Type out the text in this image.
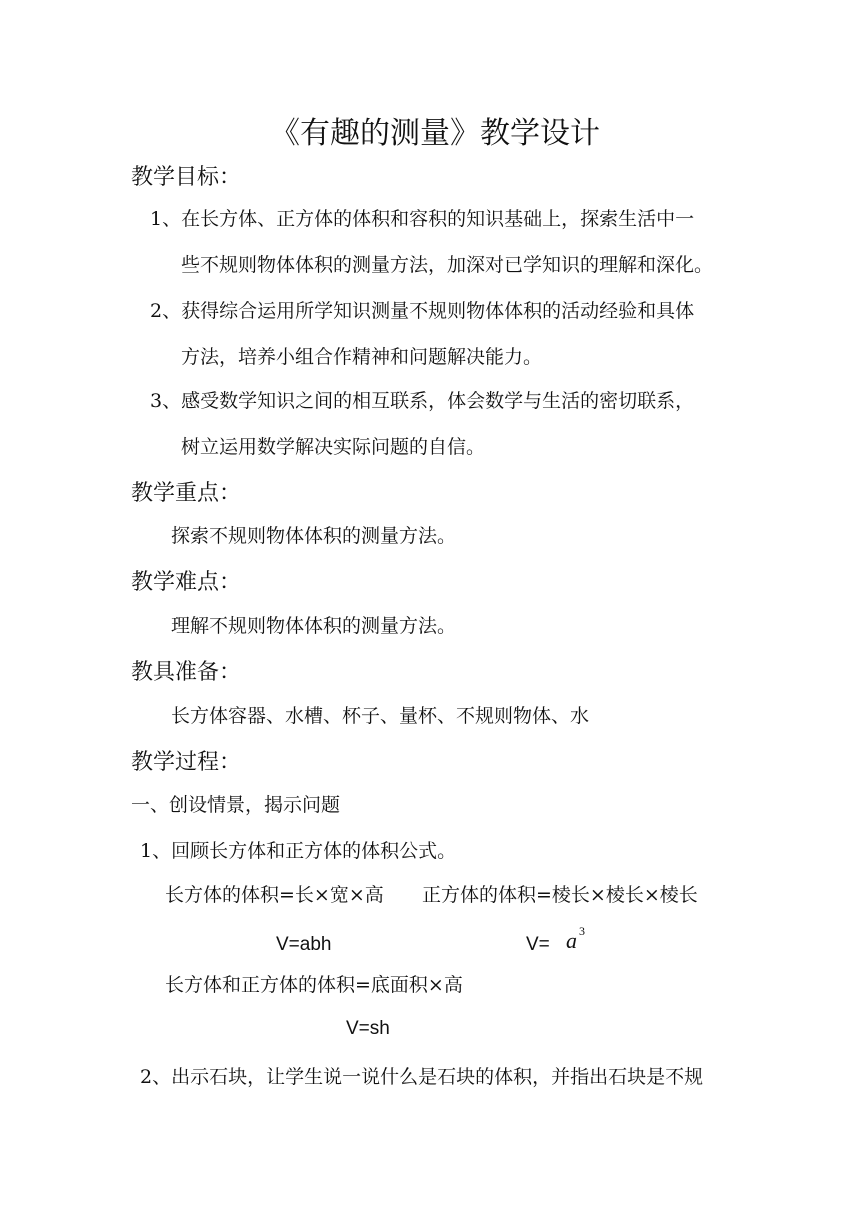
《有趣的测量》教学设计
教学目标：
1、在长方体、正方体的体积和容积的知识基础上，探索生活中一
些不规则物体体积的测量方法，加深对已学知识的理解和深化。
2、获得综合运用所学知识测量不规则物体体积的活动经验和具体
方法，培养小组合作精神和问题解决能力。
3、感受数学知识之间的相互联系，体会数学与生活的密切联系，
树立运用数学解决实际问题的自信。
教学重点：
探索不规则物体体积的测量方法。
教学难点：
理解不规则物体体积的测量方法。
教具准备：
长方体容器、水槽、杯子、量杯、不规则物体、水
教学过程：
一、创设情景，揭示问题
1、回顾长方体和正方体的体积公式。
长方体的体积=长×宽×高 正方体的体积=棱长×棱长×棱长
V=abh	V= a 3
长方体和正方体的体积=底面积×高
V=sh
2、出示石块，让学生说一说什么是石块的体积，并指出石块是不规
